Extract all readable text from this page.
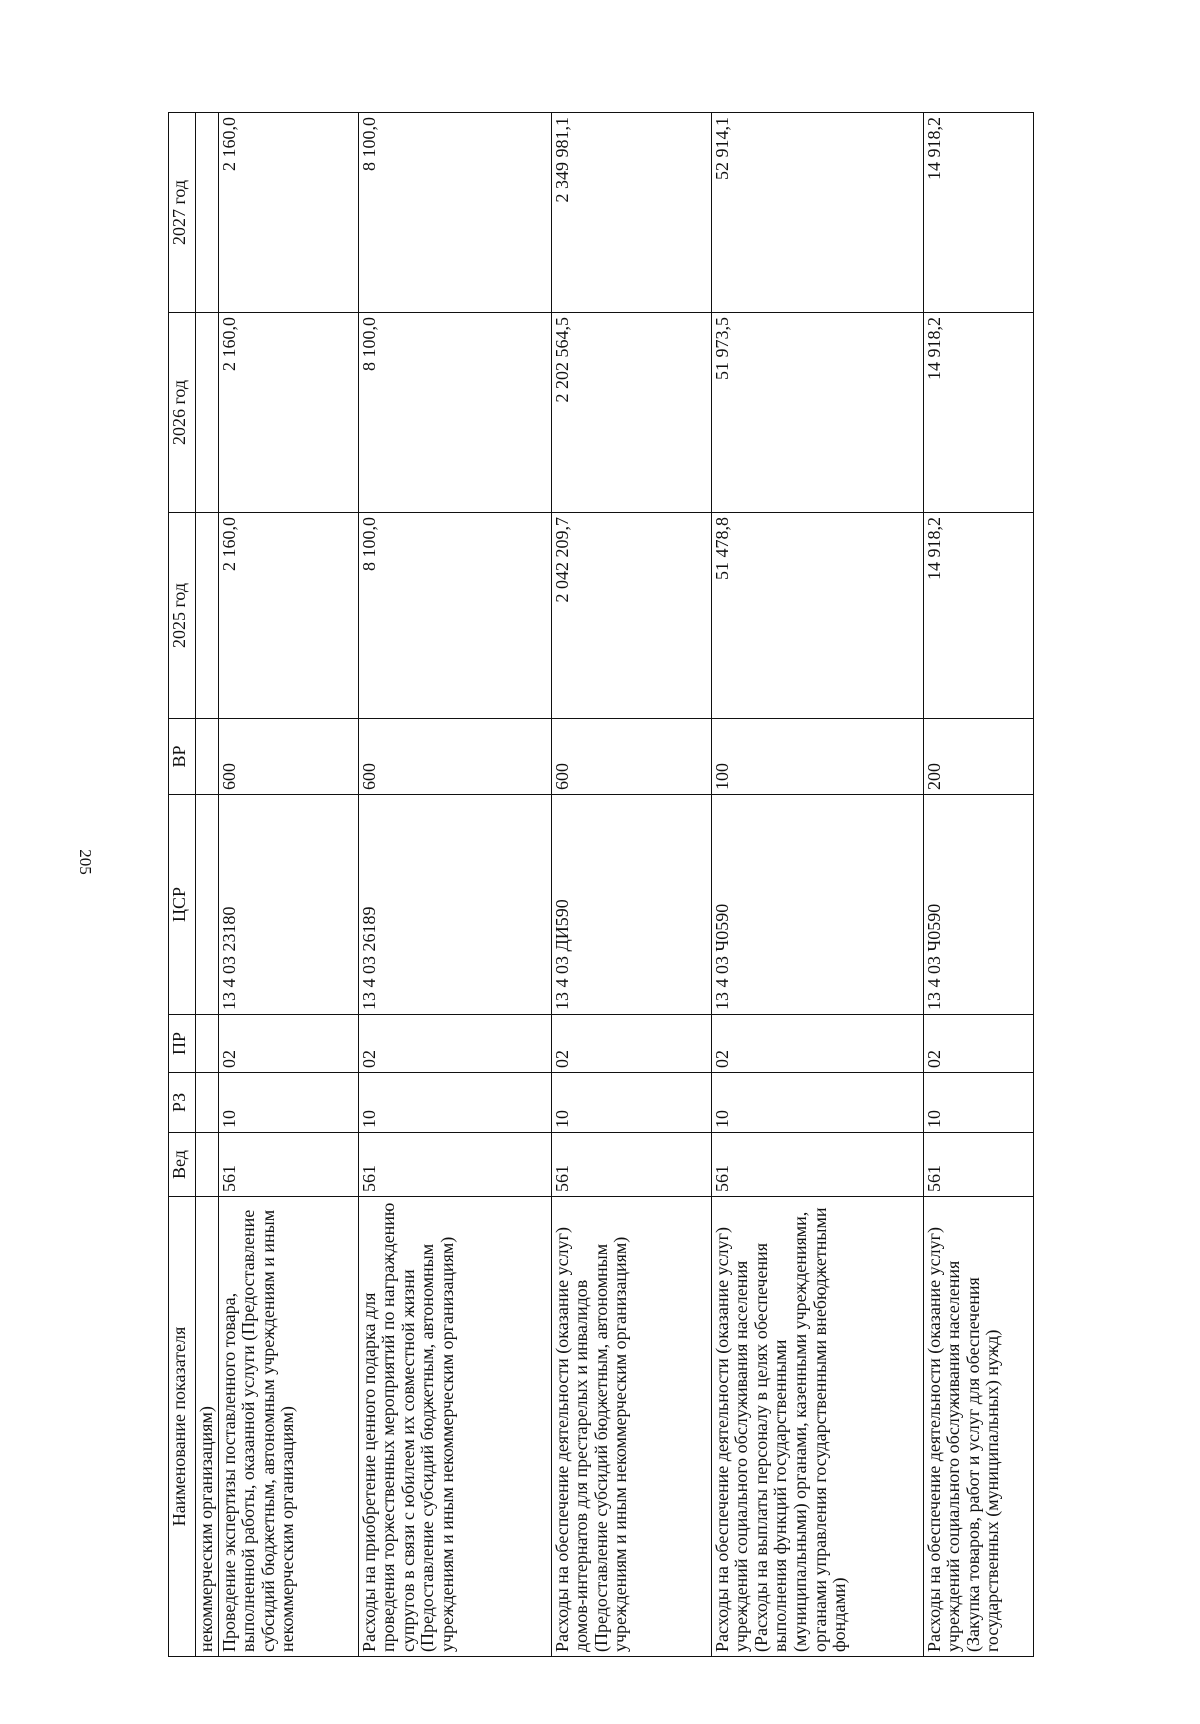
205
Наименование показателя	Вед	РЗ	ПР	ЦСР	ВР	2025 год	2026 год	2027 год
некоммерческим организациям)								
Проведение экспертизы поставленного товара, выполненной работы, оказанной услуги (Предоставление субсидий бюджетным, автономным учреждениям и иным некоммерческим организациям)	561	10	02	13 4 03 23180	600	2 160,0	2 160,0	2 160,0
Расходы на приобретение ценного подарка для проведения торжественных мероприятий по награждению супругов в связи с юбилеем их совместной жизни (Предоставление субсидий бюджетным, автономным учреждениям и иным некоммерческим организациям)	561	10	02	13 4 03 26189	600	8 100,0	8 100,0	8 100,0
Расходы на обеспечение деятельности (оказание услуг) домов-интернатов для престарелых и инвалидов (Предоставление субсидий бюджетным, автономным учреждениям и иным некоммерческим организациям)	561	10	02	13 4 03 ДИ590	600	2 042 209,7	2 202 564,5	2 349 981,1
Расходы на обеспечение деятельности (оказание услуг) учреждений социального обслуживания населения (Расходы на выплаты персоналу в целях обеспечения выполнения функций государственными (муниципальными) органами, казенными учреждениями, органами управления государственными внебюджетными фондами)	561	10	02	13 4 03 Ч0590	100	51 478,8	51 973,5	52 914,1
Расходы на обеспечение деятельности (оказание услуг) учреждений социального обслуживания населения (Закупка товаров, работ и услуг для обеспечения государственных (муниципальных) нужд)	561	10	02	13 4 03 Ч0590	200	14 918,2	14 918,2	14 918,2
